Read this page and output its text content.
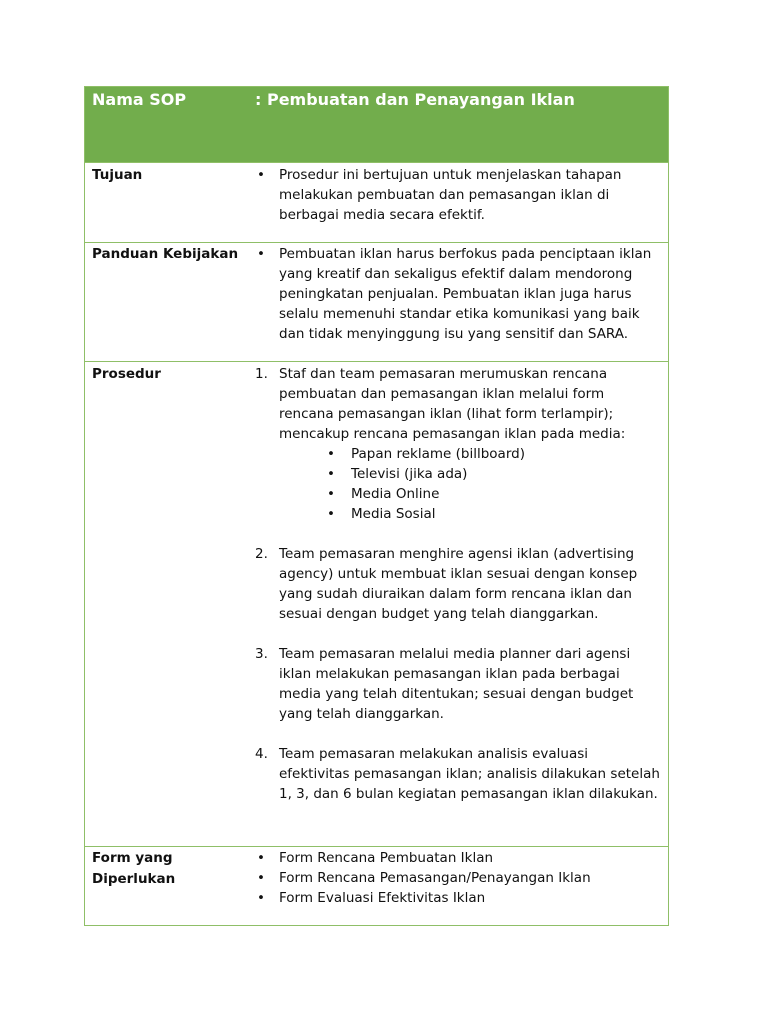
Nama SOP	: Pembuatan dan Penayangan Iklan
Tujuan	•	Prosedur ini bertujuan untuk menjelaskan tahapan melakukan pembuatan dan pemasangan iklan di berbagai media secara efektif.
Panduan Kebijakan	•	Pembuatan iklan harus berfokus pada penciptaan iklan yang kreatif dan sekaligus efektif dalam mendorong peningkatan penjualan. Pembuatan iklan juga harus selalu memenuhi standar etika komunikasi yang baik dan tidak menyinggung isu yang sensitif dan SARA.
Prosedur	1. Staf dan team pemasaran merumuskan rencana pembuatan dan pemasangan iklan melalui form rencana pemasangan iklan (lihat form terlampir); mencakup rencana pemasangan iklan pada media:
•	Papan reklame (billboard)
•	Televisi (jika ada)
•	Media Online
•	Media Sosial
2. Team pemasaran menghire agensi iklan (advertising agency) untuk membuat iklan sesuai dengan konsep yang sudah diuraikan dalam form rencana iklan dan sesuai dengan budget yang telah dianggarkan.
3. Team pemasaran melalui media planner dari agensi iklan melakukan pemasangan iklan pada berbagai media yang telah ditentukan; sesuai dengan budget yang telah dianggarkan.
4. Team pemasaran melakukan analisis evaluasi efektivitas pemasangan iklan; analisis dilakukan setelah 1, 3, dan 6 bulan kegiatan pemasangan iklan dilakukan.
Form yang
Diperlukan
•	Form Rencana Pembuatan Iklan
•	Form Rencana Pemasangan/Penayangan Iklan
•	Form Evaluasi Efektivitas Iklan
